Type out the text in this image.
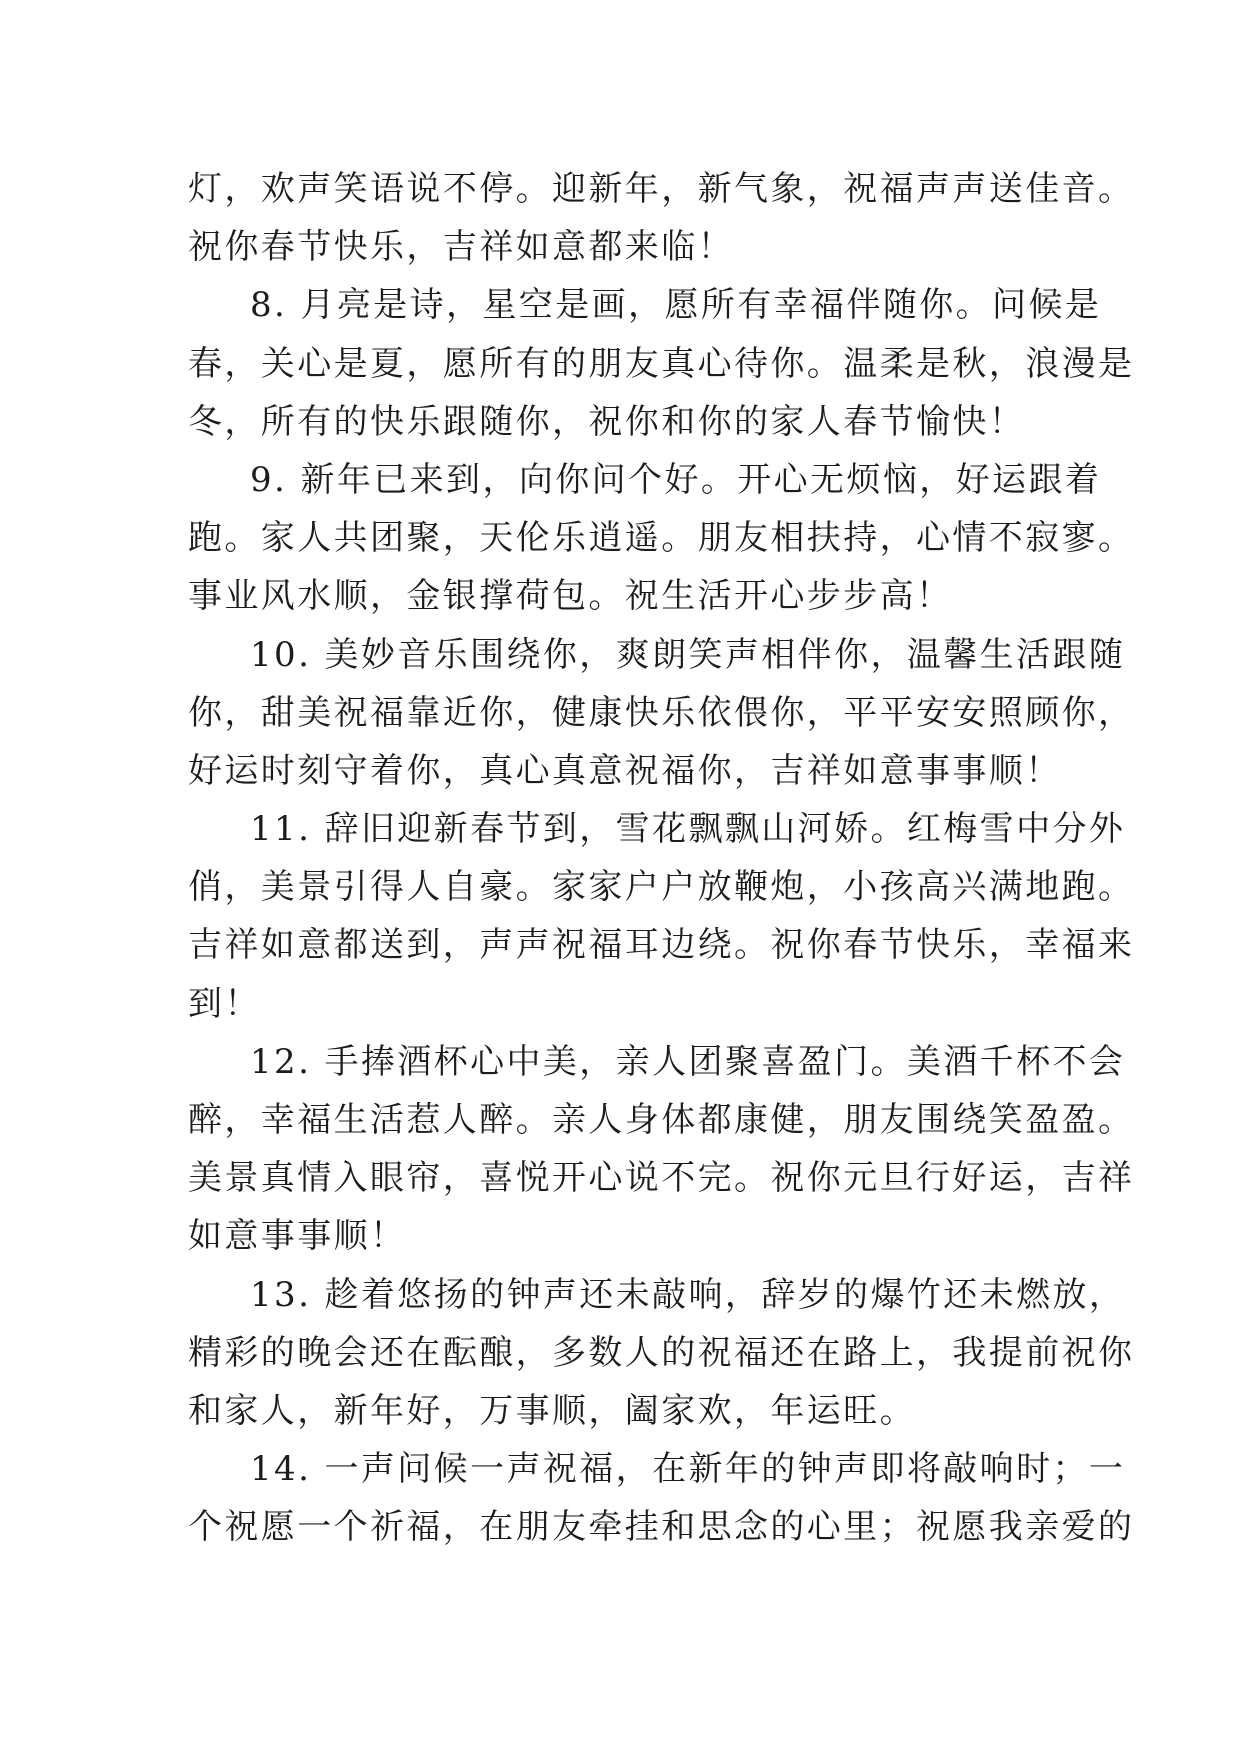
灯，欢声笑语说不停。迎新年，新气象，祝福声声送佳音。
祝你春节快乐，吉祥如意都来临！
8. 月亮是诗，星空是画，愿所有幸福伴随你。问候是
春，关心是夏，愿所有的朋友真心待你。温柔是秋，浪漫是
冬，所有的快乐跟随你，祝你和你的家人春节愉快！
9. 新年已来到，向你问个好。开心无烦恼，好运跟着
跑。家人共团聚，天伦乐逍遥。朋友相扶持，心情不寂寥。
事业风水顺，金银撑荷包。祝生活开心步步高！
10. 美妙音乐围绕你，爽朗笑声相伴你，温馨生活跟随
你，甜美祝福靠近你，健康快乐依偎你，平平安安照顾你，
好运时刻守着你，真心真意祝福你，吉祥如意事事顺！
11. 辞旧迎新春节到，雪花飘飘山河娇。红梅雪中分外
俏，美景引得人自豪。家家户户放鞭炮，小孩高兴满地跑。
吉祥如意都送到，声声祝福耳边绕。祝你春节快乐，幸福来
到！
12. 手捧酒杯心中美，亲人团聚喜盈门。美酒千杯不会
醉，幸福生活惹人醉。亲人身体都康健，朋友围绕笑盈盈。
美景真情入眼帘，喜悦开心说不完。祝你元旦行好运，吉祥
如意事事顺！
13. 趁着悠扬的钟声还未敲响，辞岁的爆竹还未燃放，
精彩的晚会还在酝酿，多数人的祝福还在路上，我提前祝你
和家人，新年好，万事顺，阖家欢，年运旺。
14. 一声问候一声祝福，在新年的钟声即将敲响时；一
个祝愿一个祈福，在朋友牵挂和思念的心里；祝愿我亲爱的
